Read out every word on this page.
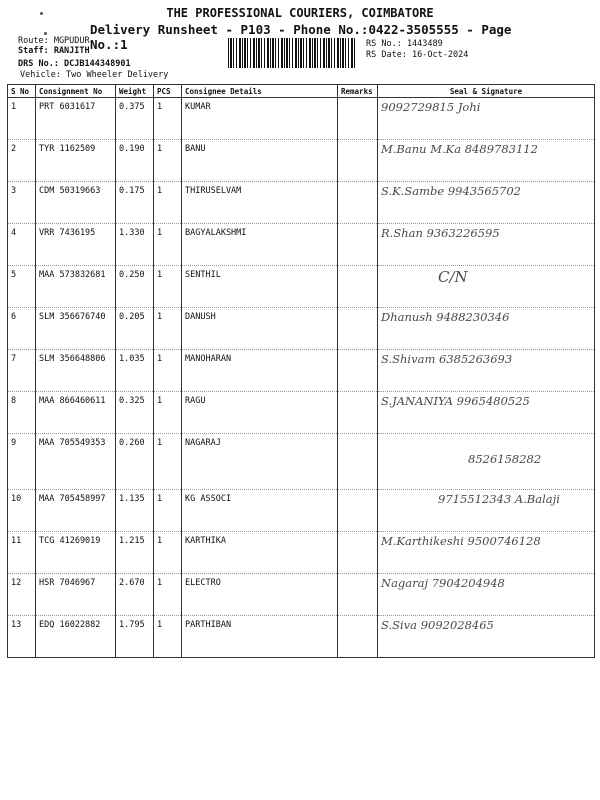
THE PROFESSIONAL COURIERS, COIMBATORE
Delivery Runsheet - P103 - Phone No.:0422-3505555 - Page No.:1
Route: MGPUDUR
Staff: RANJITH
DRS No.: DCJB144348901
Vehicle: Two Wheeler Delivery
RS No.: 1443489
RS Date: 16-Oct-2024
S No	Consignment No	Weight	PCS	Consignee Details	Remarks	Seal & Signature
1	PRT 6031617	0.375	1	KUMAR		9092729815 Johi
2	TYR 1162509	0.190	1	BANU		M.Banu M.Ka 8489783112
3	CDM 50319663	0.175	1	THIRUSELVAM		S.K.Sambe 9943565702
4	VRR 7436195	1.330	1	BAGYALAKSHMI		R.Shan 9363226595
5	MAA 573832681	0.250	1	SENTHIL		C/N
6	SLM 356676740	0.205	1	DANUSH		Dhanush 9488230346
7	SLM 356648806	1.035	1	MANOHARAN		S.Shivam 6385263693
8	MAA 866460611	0.325	1	RAGU		S.JANANIYA 9965480525
9	MAA 705549353	0.260	1	NAGARAJ		8526158282
10	MAA 705458997	1.135	1	KG ASSOCI		9715512343 A.Balaji
11	TCG 41269019	1.215	1	KARTHIKA		M.Karthikeshi 9500746128
12	HSR 7046967	2.670	1	ELECTRO		Nagaraj 7904204948
13	EDQ 16022882	1.795	1	PARTHIBAN		S.Siva 9092028465
